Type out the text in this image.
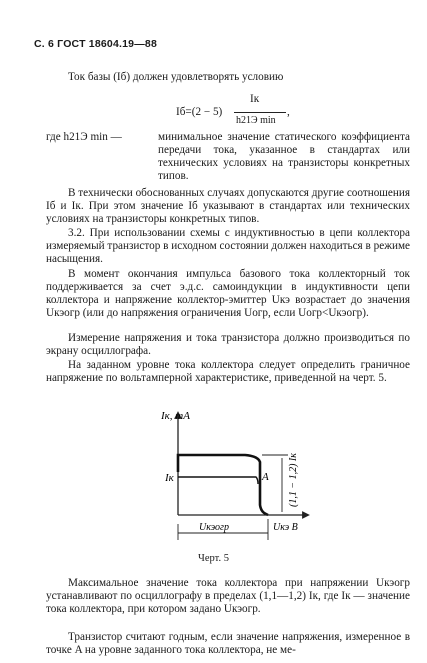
С. 6 ГОСТ 18604.19—88

Ток базы (Iб) должен удовлетворять условию

Iб=(2 − 5)
Iк
h21Э min
,
где h21Э min —	минимальное значение статического коэффициента передачи тока, указанное в стандартах или технических условиях на транзисторы конкретных типов.

В технически обоснованных случаях допускаются другие соотношения Iб и Iк. При этом значение Iб указывают в стандартах или технических условиях на транзисторы конкретных типов.

3.2. При использовании схемы с индуктивностью в цепи коллектора измеряемый транзистор в исходном состоянии должен находиться в режиме насыщения.

В момент окончания импульса базового тока коллекторный ток поддерживается за счет э.д.с. самоиндукции в индуктивности цепи коллектора и напряжение коллектор-эмиттер Uкэ возрастает до значения Uкэогр (или до напряжения ограничения Uогр, если Uогр<Uкэогр).

Измерение напряжения и тока транзистора должно производиться по экрану осциллографа.

На заданном уровне тока коллектора следует определить граничное напряжение по вольтамперной характеристике, приведенной на черт. 5.

Iк, mA
Iк	A (1,1 − 1,2) Iк
Uкэогр	Uкэ В
Черт. 5

Максимальное значение тока коллектора при напряжении Uкэогр устанавливают по осциллографу в пределах (1,1—1,2) Iк, где Iк — значение тока коллектора, при котором задано Uкэогр.

Транзистор считают годным, если значение напряжения, измеренное в точке A на уровне заданного тока коллектора, не ме-
